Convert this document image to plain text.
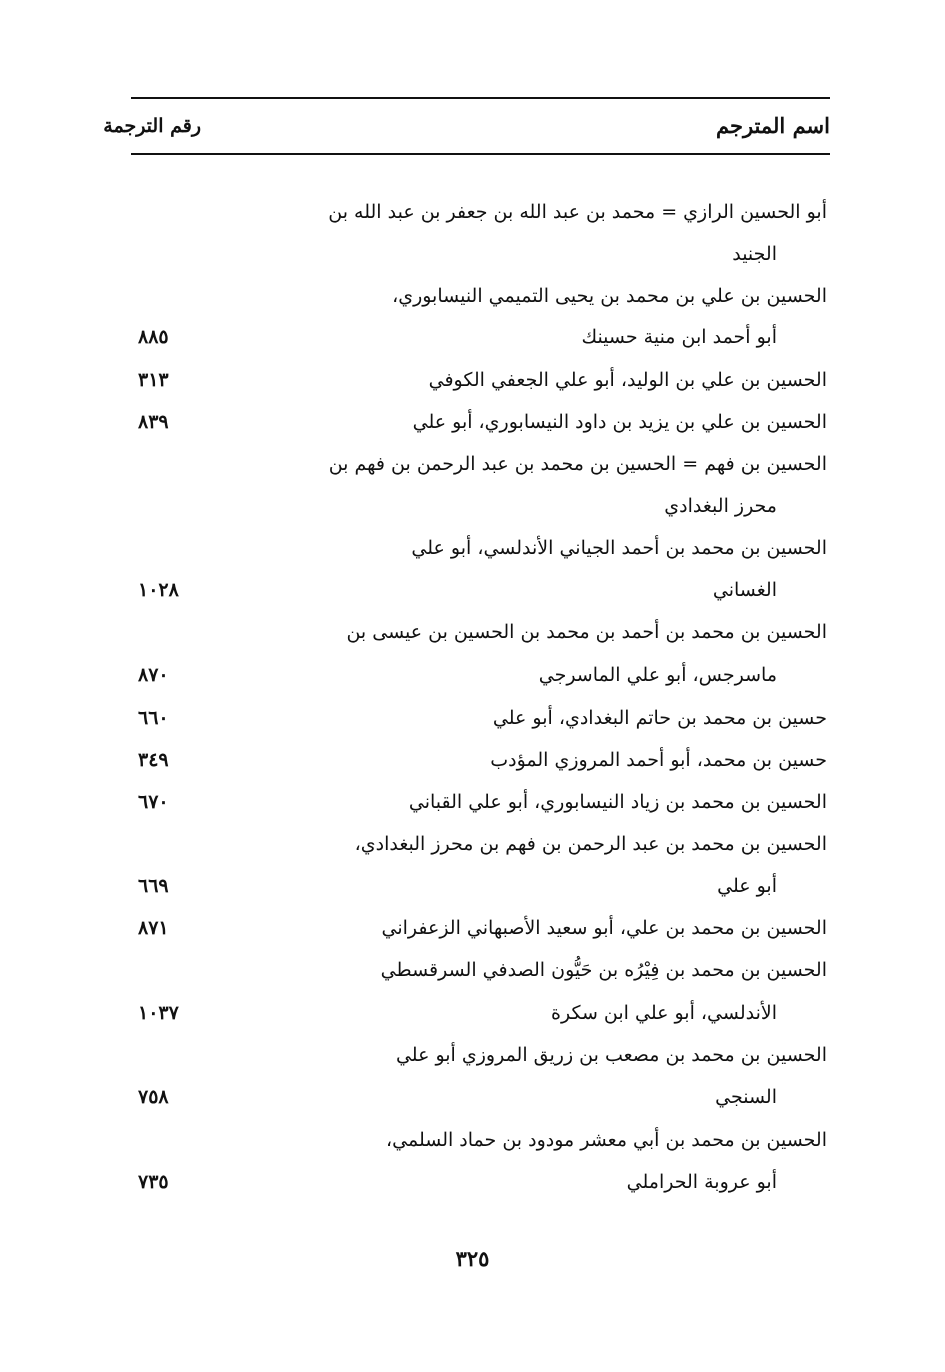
اسم المترجم
رقم الترجمة
أبو الحسين الرازي = محمد بن عبد الله بن جعفر بن عبد الله بن
الجنيد
الحسين بن علي بن محمد بن يحيى التميمي النيسابوري،
أبو أحمد ابن منية حسينك
٨٨٥
الحسين بن علي بن الوليد، أبو علي الجعفي الكوفي
٣١٣
الحسين بن علي بن يزيد بن داود النيسابوري، أبو علي
٨٣٩
الحسين بن فهم = الحسين بن محمد بن عبد الرحمن بن فهم بن
محرز البغدادي
الحسين بن محمد بن أحمد الجياني الأندلسي، أبو علي
الغساني
١٠٢٨
الحسين بن محمد بن أحمد بن محمد بن الحسين بن عيسى بن
ماسرجس، أبو علي الماسرجي
٨٧٠
حسين بن محمد بن حاتم البغدادي، أبو علي
٦٦٠
حسين بن محمد، أبو أحمد المروزي المؤدب
٣٤٩
الحسين بن محمد بن زياد النيسابوري، أبو علي القباني
٦٧٠
الحسين بن محمد بن عبد الرحمن بن فهم بن محرز البغدادي،
أبو علي
٦٦٩
الحسين بن محمد بن علي، أبو سعيد الأصبهاني الزعفراني
٨٧١
الحسين بن محمد بن فِيْرُه بن حَيُّون الصدفي السرقسطي
الأندلسي، أبو علي ابن سكرة
١٠٣٧
الحسين بن محمد بن مصعب بن زريق المروزي أبو علي
السنجي
٧٥٨
الحسين بن محمد بن أبي معشر مودود بن حماد السلمي،
أبو عروبة الحراملي
٧٣٥
٣٢٥
